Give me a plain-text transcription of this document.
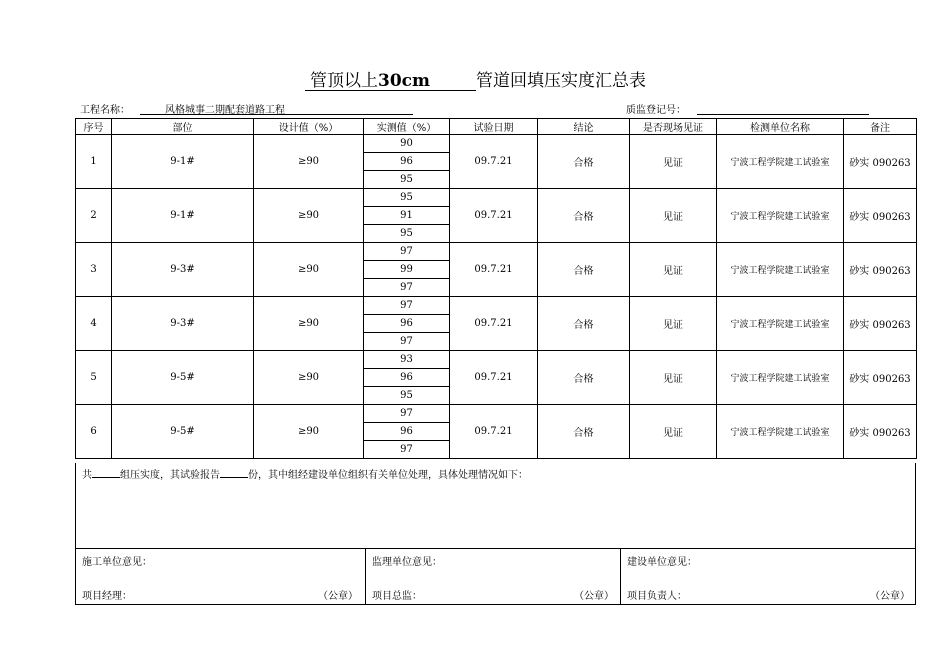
管顶以上30cm	管道回填压实度汇总表
工程名称：	风格城事二期配套道路工程	质监登记号：
序号	部位	设计值（%）	实测值（%）	试验日期	结论	是否现场见证	检测单位名称	备注
1	9-1#	≥90	90	09.7.21	合格	见证	宁波工程学院建工试验室	砂实 090263
			96					
			95					
2	9-1#	≥90	95	09.7.21	合格	见证	宁波工程学院建工试验室	砂实 090263
			91					
			95					
3	9-3#	≥90	97	09.7.21	合格	见证	宁波工程学院建工试验室	砂实 090263
			99					
			97					
4	9-3#	≥90	97	09.7.21	合格	见证	宁波工程学院建工试验室	砂实 090263
			96					
			97					
5	9-5#	≥90	93	09.7.21	合格	见证	宁波工程学院建工试验室	砂实 090263
			96					
			95					
6	9-5#	≥90	97	09.7.21	合格	见证	宁波工程学院建工试验室	砂实 090263
			96					
			97					
共	组压实度，其试验报告	份，其中组经建设单位组织有关单位处理，具体处理情况如下：
施工单位意见：
项目经理：	（公章）
监理单位意见：
项目总监：	（公章）
建设单位意见：
项目负责人：	（公章）
